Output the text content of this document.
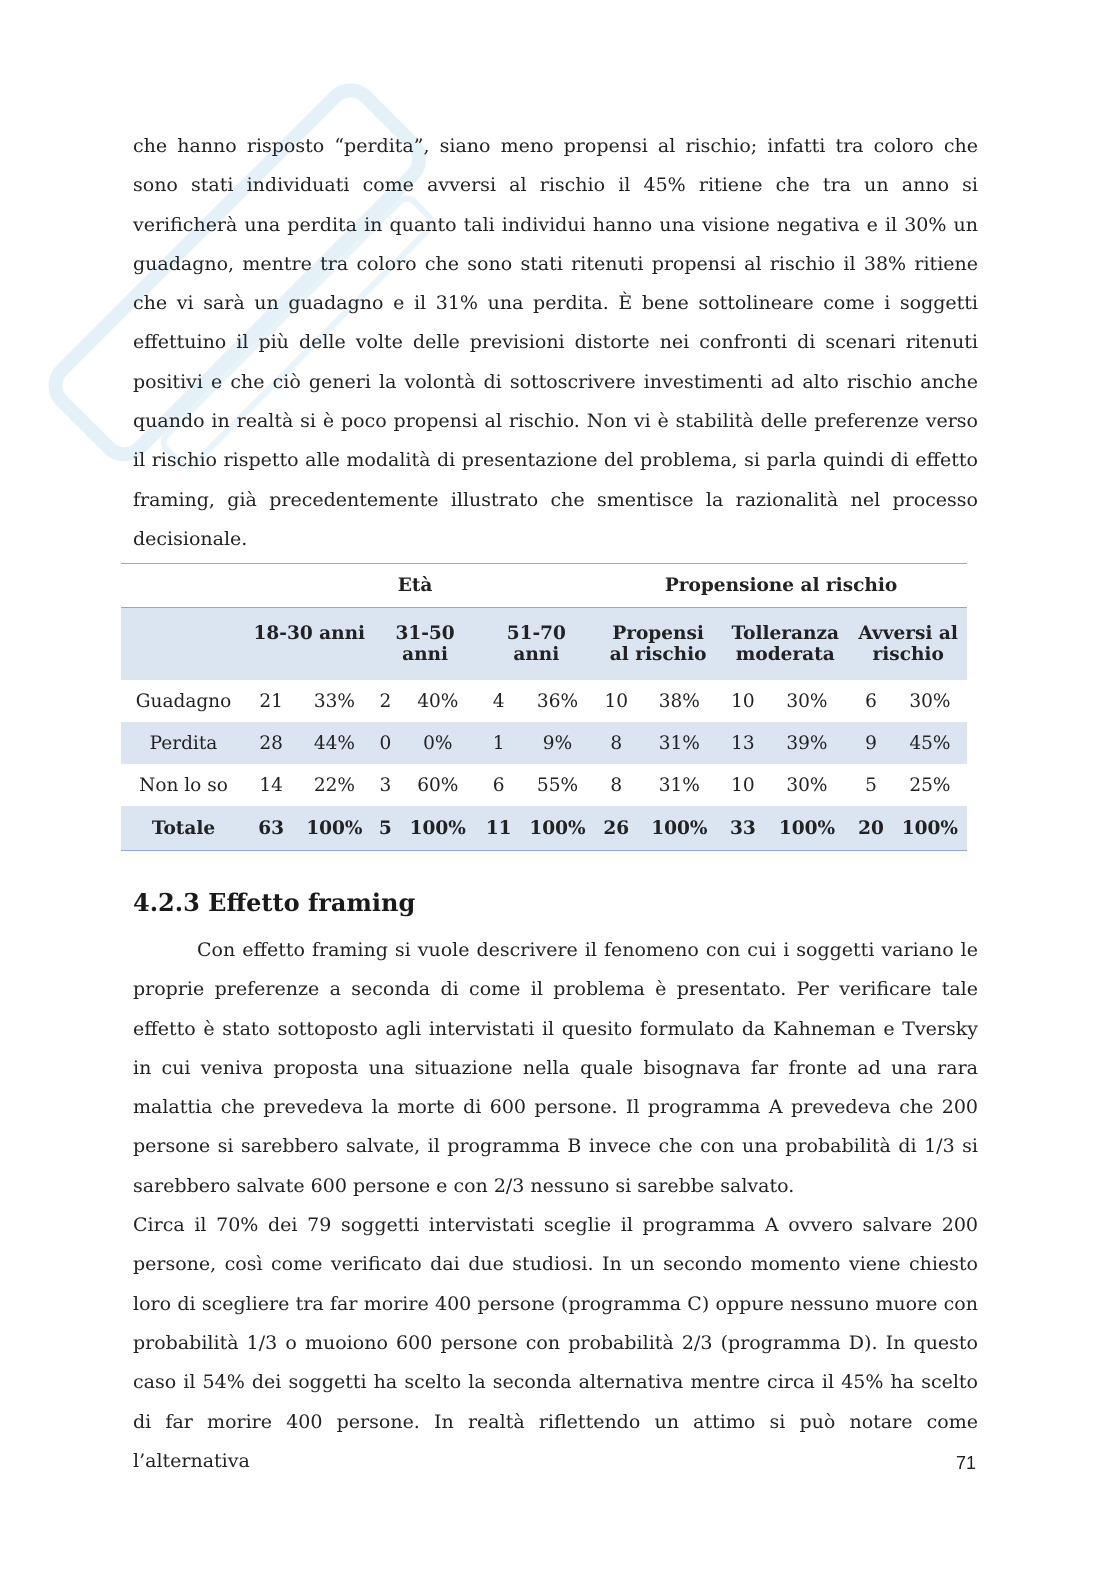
che hanno risposto “perdita”, siano meno propensi al rischio; infatti tra coloro che sono stati individuati come avversi al rischio il 45% ritiene che tra un anno si verificherà una perdita in quanto tali individui hanno una visione negativa e il 30% un guadagno, mentre tra coloro che sono stati ritenuti propensi al rischio il 38% ritiene che vi sarà un guadagno e il 31% una perdita. È bene sottolineare come i soggetti effettuino il più delle volte delle previsioni distorte nei confronti di scenari ritenuti positivi e che ciò generi la volontà di sottoscrivere investimenti ad alto rischio anche quando in realtà si è poco propensi al rischio. Non vi è stabilità delle preferenze verso il rischio rispetto alle modalità di presentazione del problema, si parla quindi di effetto framing, già precedentemente illustrato che smentisce la razionalità nel processo decisionale.

Età							Propensione al rischio					
	18-30 anni		31-50		51-70		Propensi		Tolleranza		Avversi al	
			anni		anni		al rischio		moderata		rischio	
Guadagno	21	33%	2	40%	4	36%	10	38%	10	30%	6	30%
Perdita	28	44%	0	0%	1	9%	8	31%	13	39%	9	45%
Non lo so	14	22%	3	60%	6	55%	8	31%	10	30%	5	25%
Totale	63	100%	5	100%	11	100%	26	100%	33	100%	20	100%
4.2.3 Effetto framing

Con effetto framing si vuole descrivere il fenomeno con cui i soggetti variano le proprie preferenze a seconda di come il problema è presentato. Per verificare tale effetto è stato sottoposto agli intervistati il quesito formulato da Kahneman e Tversky in cui veniva proposta una situazione nella quale bisognava far fronte ad una rara malattia che prevedeva la morte di 600 persone. Il programma A prevedeva che 200 persone si sarebbero salvate, il programma B invece che con una probabilità di 1/3 si sarebbero salvate 600 persone e con 2/3 nessuno si sarebbe salvato.

Circa il 70% dei 79 soggetti intervistati sceglie il programma A ovvero salvare 200 persone, così come verificato dai due studiosi. In un secondo momento viene chiesto loro di scegliere tra far morire 400 persone (programma C) oppure nessuno muore con probabilità 1/3 o muoiono 600 persone con probabilità 2/3 (programma D). In questo caso il 54% dei soggetti ha scelto la seconda alternativa mentre circa il 45% ha scelto di far morire 400 persone. In realtà riflettendo un attimo si può notare come l’alternativa	71
